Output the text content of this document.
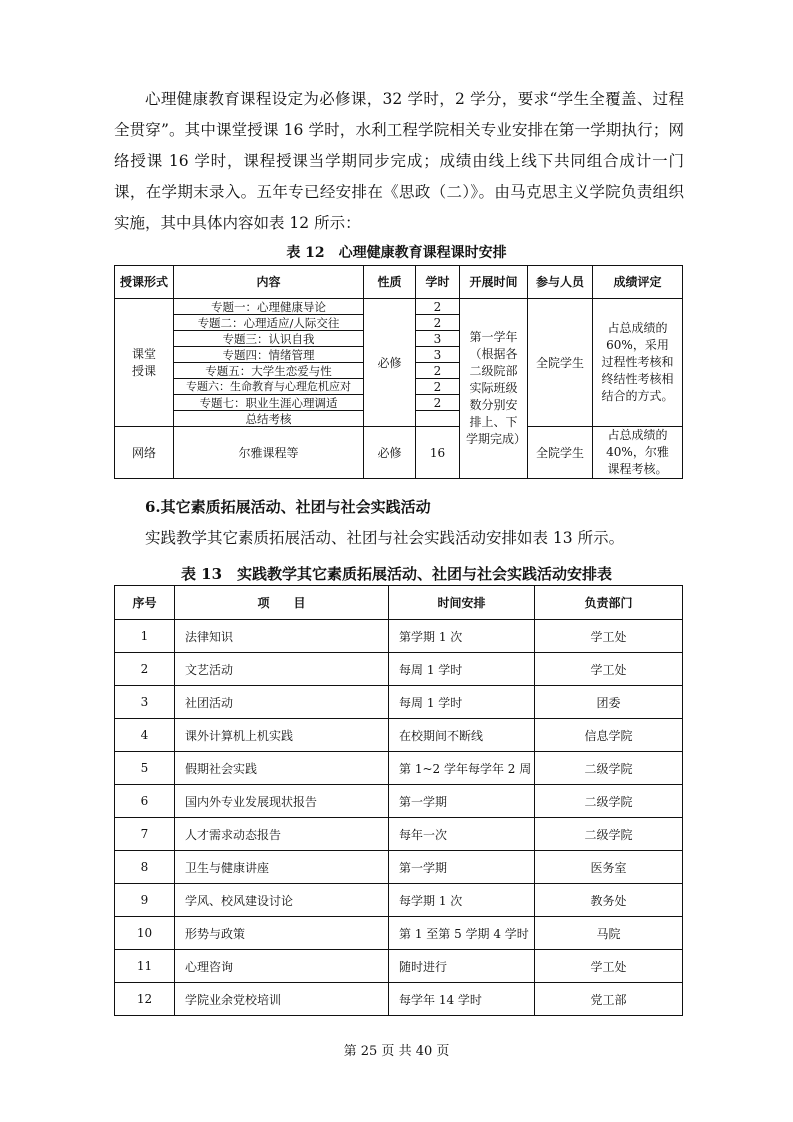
心理健康教育课程设定为必修课，32 学时，2 学分，要求“学生全覆盖、过程全贯穿”。其中课堂授课 16 学时，水利工程学院相关专业安排在第一学期执行；网络授课 16 学时，课程授课当学期同步完成；成绩由线上线下共同组合成计一门课，在学期末录入。五年专已经安排在《思政（二）》。由马克思主义学院负责组织实施，其中具体内容如表 12 所示：

表 12　心理健康教育课程课时安排

授课形式	内容	性质	学时	开展时间	参与人员	成绩评定
课堂授课	专题一：心理健康导论	必修	2	第一学年（根据各二级院部实际班级数分别安排上、下学期完成）	全院学生	占总成绩的60%，采用过程性考核和终结性考核相结合的方式。
	专题二：心理适应/人际交往		2			
	专题三：认识自我		3			
	专题四：情绪管理		3			
	专题五：大学生恋爱与性		2			
	专题六：生命教育与心理危机应对		2			
	专题七：职业生涯心理调适		2			
	总结考核					
网络	尔雅课程等	必修	16		全院学生	占总成绩的40%，尔雅课程考核。

6.其它素质拓展活动、社团与社会实践活动

实践教学其它素质拓展活动、社团与社会实践活动安排如表 13 所示。

表 13　实践教学其它素质拓展活动、社团与社会实践活动安排表

序号	项　　目	时间安排	负责部门
1	法律知识	第学期 1 次	学工处
2	文艺活动	每周 1 学时	学工处
3	社团活动	每周 1 学时	团委
4	课外计算机上机实践	在校期间不断线	信息学院
5	假期社会实践	第 1~2 学年每学年 2 周	二级学院
6	国内外专业发展现状报告	第一学期	二级学院
7	人才需求动态报告	每年一次	二级学院
8	卫生与健康讲座	第一学期	医务室
9	学风、校风建设讨论	每学期 1 次	教务处
10	形势与政策	第 1 至第 5 学期 4 学时	马院
11	心理咨询	随时进行	学工处
12	学院业余党校培训	每学年 14 学时	党工部

第 25 页 共 40 页
